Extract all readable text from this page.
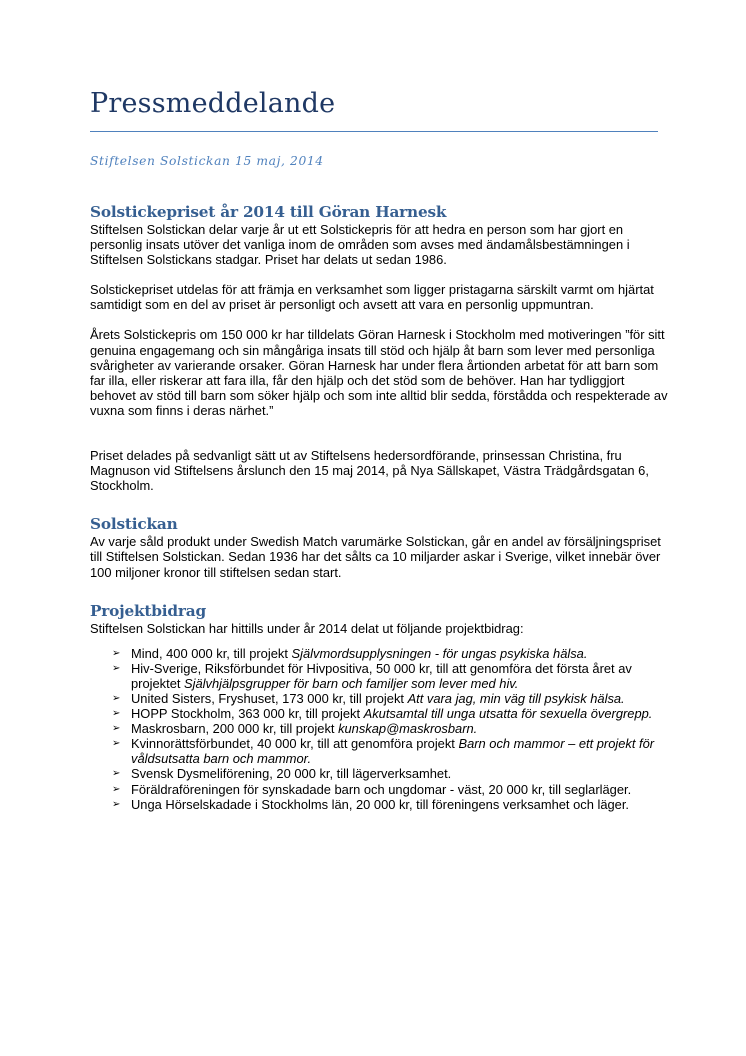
Pressmeddelande
Stiftelsen Solstickan 15 maj, 2014
Solstickepriset år 2014 till Göran Harnesk

Stiftelsen Solstickan delar varje år ut ett Solstickepris för att hedra en person som har gjort en personlig insats utöver det vanliga inom de områden som avses med ändamålsbestämningen i Stiftelsen Solstickans stadgar. Priset har delats ut sedan 1986.

Solstickepriset utdelas för att främja en verksamhet som ligger pristagarna särskilt varmt om hjärtat samtidigt som en del av priset är personligt och avsett att vara en personlig uppmuntran.

Årets Solstickepris om 150 000 kr har tilldelats Göran Harnesk i Stockholm med motiveringen ”för sitt genuina engagemang och sin mångåriga insats till stöd och hjälp åt barn som lever med personliga svårigheter av varierande orsaker. Göran Harnesk har under flera årtionden arbetat för att barn som far illa, eller riskerar att fara illa, får den hjälp och det stöd som de behöver. Han har tydliggjort behovet av stöd till barn som söker hjälp och som inte alltid blir sedda, förstådda och respekterade av vuxna som finns i deras närhet.”

Priset delades på sedvanligt sätt ut av Stiftelsens hedersordförande, prinsessan Christina, fru Magnuson vid Stiftelsens årslunch den 15 maj 2014, på Nya Sällskapet, Västra Trädgårdsgatan 6, Stockholm.

Solstickan

Av varje såld produkt under Swedish Match varumärke Solstickan, går en andel av försäljningspriset till Stiftelsen Solstickan. Sedan 1936 har det sålts ca 10 miljarder askar i Sverige, vilket innebär över 100 miljoner kronor till stiftelsen sedan start.

Projektbidrag

Stiftelsen Solstickan har hittills under år 2014 delat ut följande projektbidrag:

➢ Mind, 400 000 kr, till projekt Självmordsupplysningen - för ungas psykiska hälsa.
➢ Hiv-Sverige, Riksförbundet för Hivpositiva, 50 000 kr, till att genomföra det första året av projektet Självhjälpsgrupper för barn och familjer som lever med hiv.
➢ United Sisters, Fryshuset, 173 000 kr, till projekt Att vara jag, min väg till psykisk hälsa.
➢ HOPP Stockholm, 363 000 kr, till projekt Akutsamtal till unga utsatta för sexuella övergrepp.
➢ Maskrosbarn, 200 000 kr, till projekt kunskap@maskrosbarn.
➢ Kvinnorättsförbundet, 40 000 kr, till att genomföra projekt Barn och mammor – ett projekt för våldsutsatta barn och mammor.
➢ Svensk Dysmeliförening, 20 000 kr, till lägerverksamhet.
➢ Föräldraföreningen för synskadade barn och ungdomar - väst, 20 000 kr, till seglarläger.
➢ Unga Hörselskadade i Stockholms län, 20 000 kr, till föreningens verksamhet och läger.
